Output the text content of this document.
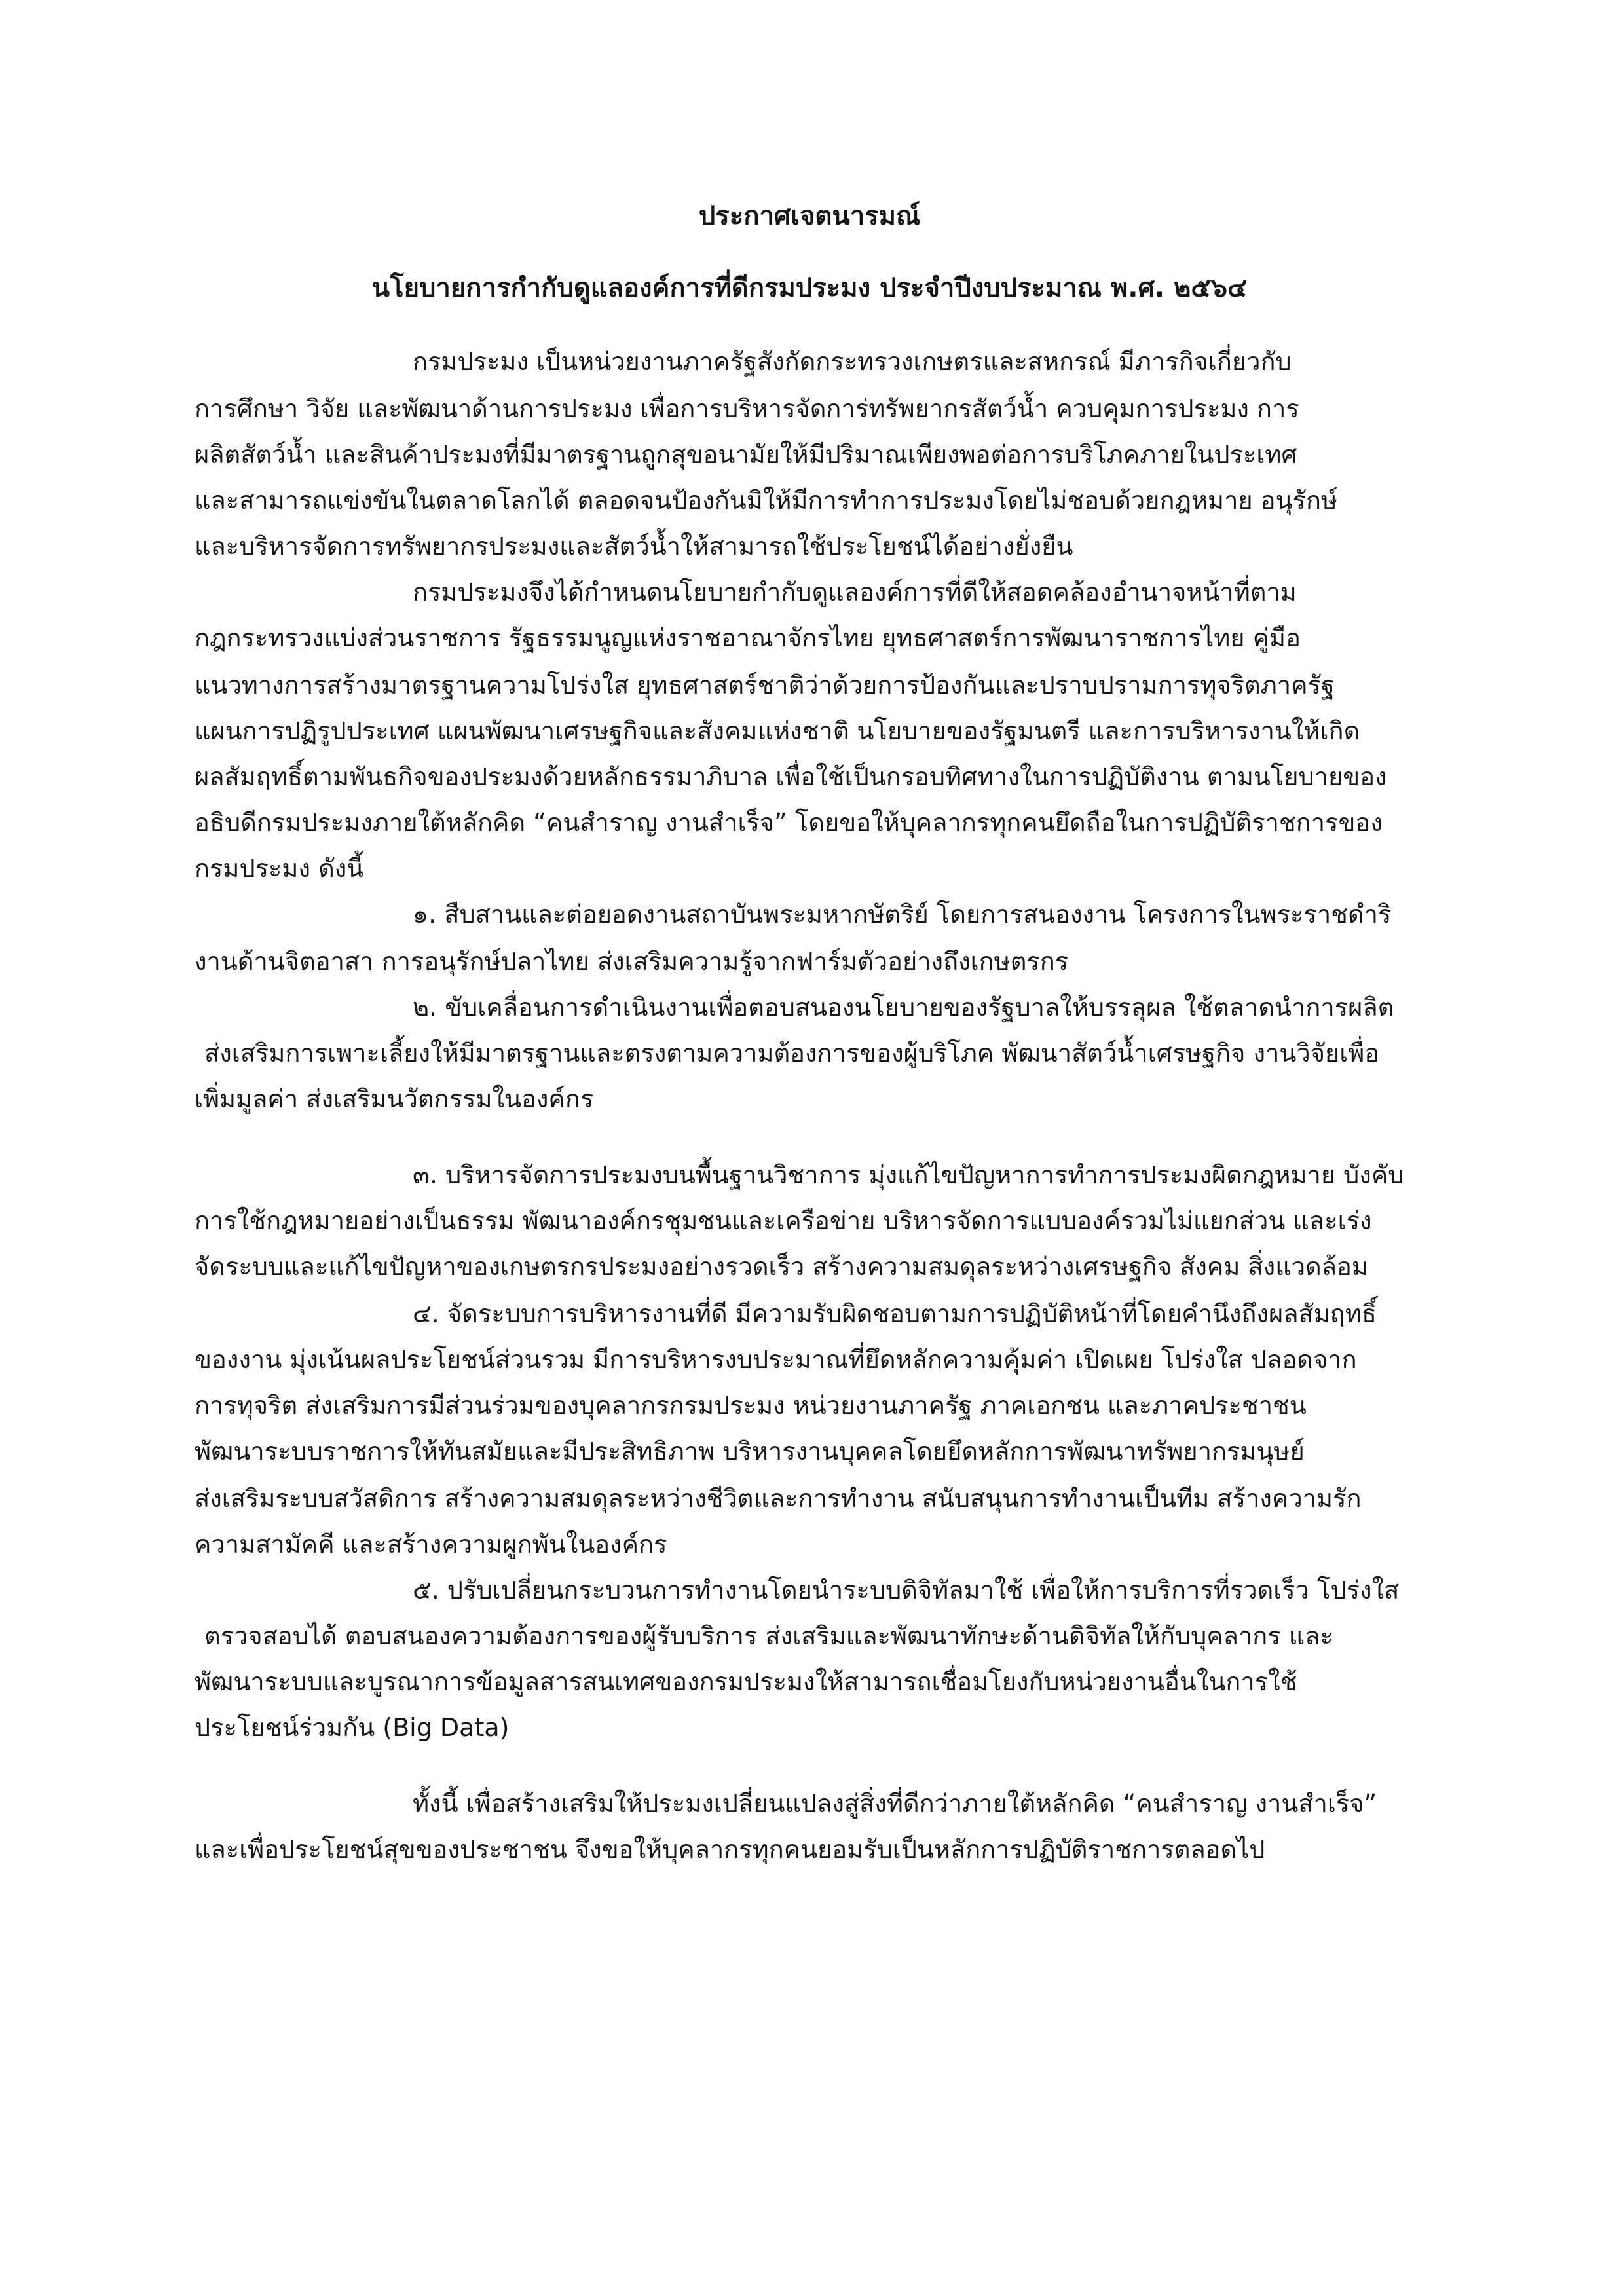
ประกาศเจตนารมณ์
นโยบายการกำกับดูแลองค์การที่ดีกรมประมง ประจำปีงบประมาณ พ.ศ. ๒๕๖๔
กรมประมง เป็นหน่วยงานภาครัฐสังกัดกระทรวงเกษตรและสหกรณ์ มีภารกิจเกี่ยวกับ
การศึกษา วิจัย และพัฒนาด้านการประมง เพื่อการบริหารจัดการ่ทรัพยากรสัตว์น้ำ ควบคุมการประมง การ
ผลิตสัตว์น้ำ และสินค้าประมงที่มีมาตรฐานถูกสุขอนามัยให้มีปริมาณเพียงพอต่อการบริโภคภายในประเทศ
และสามารถแข่งขันในตลาดโลกได้ ตลอดจนป้องกันมิให้มีการทำการประมงโดยไม่ชอบด้วยกฎหมาย อนุรักษ์
และบริหารจัดการทรัพยากรประมงและสัตว์น้ำให้สามารถใช้ประโยชน์ได้อย่างยั่งยืน
กรมประมงจึงได้กำหนดนโยบายกำกับดูแลองค์การที่ดีให้สอดคล้องอำนาจหน้าที่ตาม
กฎกระทรวงแบ่งส่วนราชการ รัฐธรรมนูญแห่งราชอาณาจักรไทย ยุทธศาสตร์การพัฒนาราชการไทย คู่มือ
แนวทางการสร้างมาตรฐานความโปร่งใส ยุทธศาสตร์ชาติว่าด้วยการป้องกันและปราบปรามการทุจริตภาครัฐ
แผนการปฏิรูปประเทศ แผนพัฒนาเศรษฐกิจและสังคมแห่งชาติ นโยบายของรัฐมนตรี และการบริหารงานให้เกิด
ผลสัมฤทธิ์ตามพันธกิจของประมงด้วยหลักธรรมาภิบาล เพื่อใช้เป็นกรอบทิศทางในการปฏิบัติงาน ตามนโยบายของ
อธิบดีกรมประมงภายใต้หลักคิด “คนสำราญ งานสำเร็จ” โดยขอให้บุคลากรทุกคนยึดถือในการปฏิบัติราชการของ
กรมประมง ดังนี้
๑. สืบสานและต่อยอดงานสถาบันพระมหากษัตริย์ โดยการสนองงาน โครงการในพระราชดำริ
งานด้านจิตอาสา การอนุรักษ์ปลาไทย ส่งเสริมความรู้จากฟาร์มตัวอย่างถึงเกษตรกร
๒. ขับเคลื่อนการดำเนินงานเพื่อตอบสนองนโยบายของรัฐบาลให้บรรลุผล ใช้ตลาดนำการผลิต
ส่งเสริมการเพาะเลี้ยงให้มีมาตรฐานและตรงตามความต้องการของผู้บริโภค พัฒนาสัตว์น้ำเศรษฐกิจ งานวิจัยเพื่อ
เพิ่มมูลค่า ส่งเสริมนวัตกรรมในองค์กร
๓. บริหารจัดการประมงบนพื้นฐานวิชาการ มุ่งแก้ไขปัญหาการทำการประมงผิดกฎหมาย บังคับ
การใช้กฎหมายอย่างเป็นธรรม พัฒนาองค์กรชุมชนและเครือข่าย บริหารจัดการแบบองค์รวมไม่แยกส่วน และเร่ง
จัดระบบและแก้ไขปัญหาของเกษตรกรประมงอย่างรวดเร็ว สร้างความสมดุลระหว่างเศรษฐกิจ สังคม สิ่งแวดล้อม
๔. จัดระบบการบริหารงานที่ดี มีความรับผิดชอบตามการปฏิบัติหน้าที่โดยคำนึงถึงผลสัมฤทธิ์
ของงาน มุ่งเน้นผลประโยชน์ส่วนรวม มีการบริหารงบประมาณที่ยึดหลักความคุ้มค่า เปิดเผย โปร่งใส ปลอดจาก
การทุจริต ส่งเสริมการมีส่วนร่วมของบุคลากรกรมประมง หน่วยงานภาครัฐ ภาคเอกชน และภาคประชาชน
พัฒนาระบบราชการให้ทันสมัยและมีประสิทธิภาพ บริหารงานบุคคลโดยยึดหลักการพัฒนาทรัพยากรมนุษย์
ส่งเสริมระบบสวัสดิการ สร้างความสมดุลระหว่างชีวิตและการทำงาน สนับสนุนการทำงานเป็นทีม สร้างความรัก
ความสามัคคี และสร้างความผูกพันในองค์กร
๕. ปรับเปลี่ยนกระบวนการทำงานโดยนำระบบดิจิทัลมาใช้ เพื่อให้การบริการที่รวดเร็ว โปร่งใส
ตรวจสอบได้ ตอบสนองความต้องการของผู้รับบริการ ส่งเสริมและพัฒนาทักษะด้านดิจิทัลให้กับบุคลากร และ
พัฒนาระบบและบูรณาการข้อมูลสารสนเทศของกรมประมงให้สามารถเชื่อมโยงกับหน่วยงานอื่นในการใช้
ประโยชน์ร่วมกัน (Big Data)
ทั้งนี้ เพื่อสร้างเสริมให้ประมงเปลี่ยนแปลงสู่สิ่งที่ดีกว่าภายใต้หลักคิด “คนสำราญ งานสำเร็จ”
และเพื่อประโยชน์สุขของประชาชน จึงขอให้บุคลากรทุกคนยอมรับเป็นหลักการปฏิบัติราชการตลอดไป
